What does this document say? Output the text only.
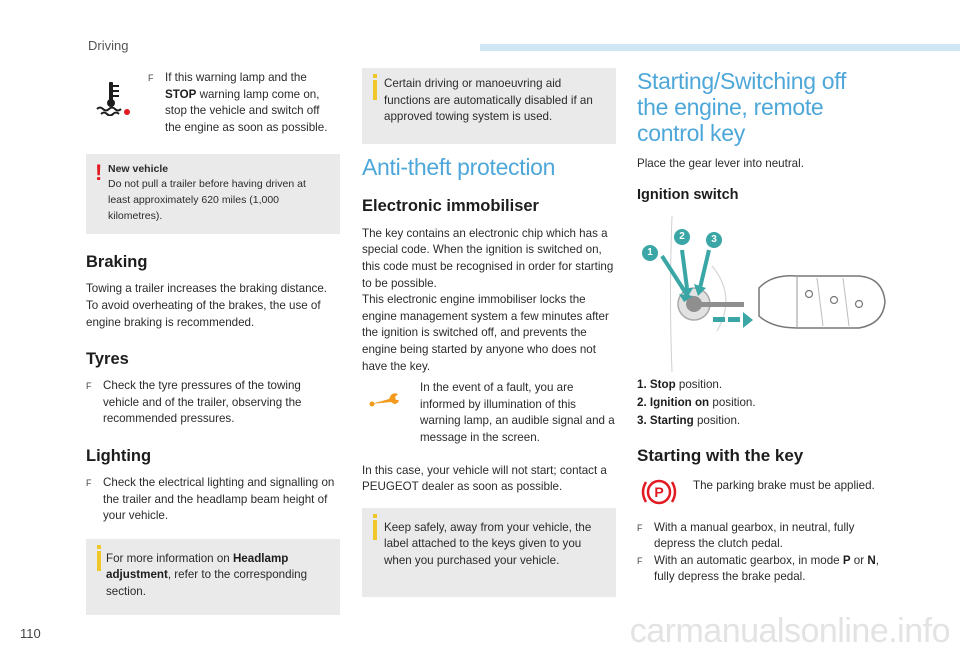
Driving
110	carmanualsonline.info
F If this warning lamp and the STOP warning lamp come on, stop the vehicle and switch off the engine as soon as possible.

! New vehicle

Do not pull a trailer before having driven at least approximately 620 miles (1,000 kilometres).

Braking

Towing a trailer increases the braking distance. To avoid overheating of the brakes, the use of engine braking is recommended.

Tyres
F Check the tyre pressures of the towing vehicle and of the trailer, observing the recommended pressures.

Lighting
F Check the electrical lighting and signalling on the trailer and the headlamp beam height of your vehicle.

For more information on Headlamp adjustment, refer to the corresponding section.

Certain driving or manoeuvring aid functions are automatically disabled if an approved towing system is used.

Anti-theft protection
Electronic immobiliser

The key contains an electronic chip which has a special code. When the ignition is switched on, this code must be recognised in order for starting to be possible.

This electronic engine immobiliser locks the engine management system a few minutes after the ignition is switched off, and prevents the engine being started by anyone who does not have the key.

In the event of a fault, you are informed by illumination of this warning lamp, an audible signal and a message in the screen.

In this case, your vehicle will not start; contact a PEUGEOT dealer as soon as possible.

Keep safely, away from your vehicle, the label attached to the keys given to you when you purchased your vehicle.

Starting/Switching off the engine, remote control key

Place the gear lever into neutral.

Ignition switch
1
2	3
1. Stop position.
2. Ignition on position.
3. Starting position.
Starting with the key
P	The parking brake must be applied.

F With a manual gearbox, in neutral, fully depress the clutch pedal.

F With an automatic gearbox, in mode P or N, fully depress the brake pedal.
